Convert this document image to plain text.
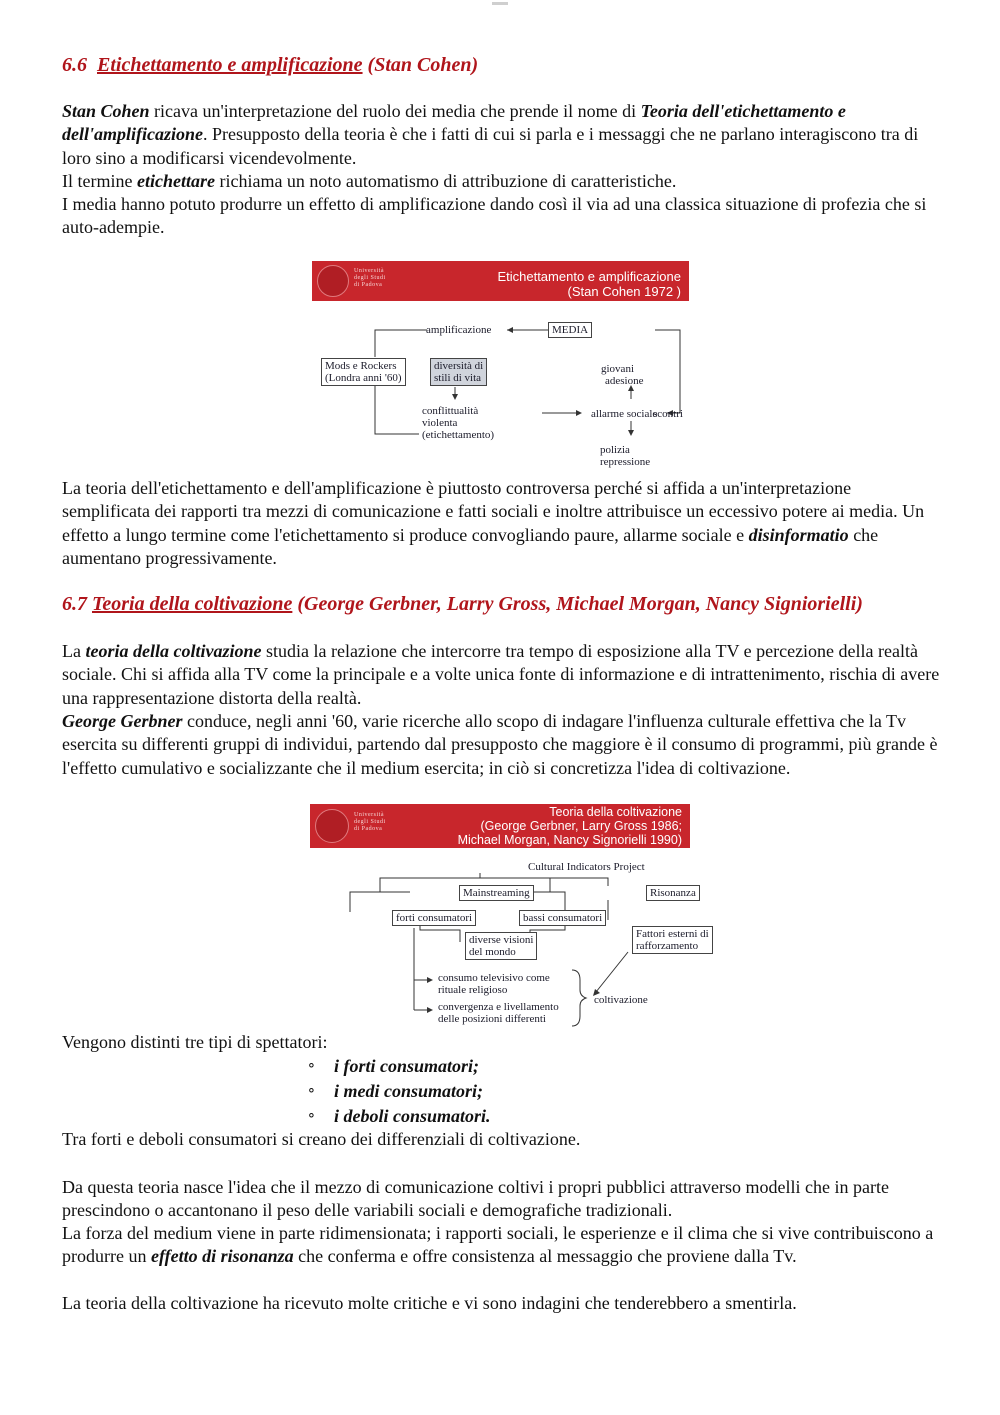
6.6 Etichettamento e amplificazione (Stan Cohen)

Stan Cohen ricava un'interpretazione del ruolo dei media che prende il nome di Teoria dell'etichettamento e dell'amplificazione. Presupposto della teoria è che i fatti di cui si parla e i messaggi che ne parlano interagiscono tra di loro sino a modificarsi vicendevolmente.

Il termine etichettare richiama un noto automatismo di attribuzione di caratteristiche.

I media hanno potuto produrre un effetto di amplificazione dando così il via ad una classica situazione di profezia che si auto-adempie.

Università
degli Studi
di Padova
Etichettamento e amplificazione
(Stan Cohen 1972 )
amplificazione	MEDIA
Mods e Rockers
(Londra anni '60)
diversità di
stili di vita
giovani
adesione
conflittualità
violenta
(etichettamento)
allarme sociale
scontri
polizia
repressione

La teoria dell'etichettamento e dell'amplificazione è piuttosto controversa perché si affida a un'interpretazione semplificata dei rapporti tra mezzi di comunicazione e fatti sociali e inoltre attribuisce un eccessivo potere ai media. Un effetto a lungo termine come l'etichettamento si produce convogliando paure, allarme sociale e disinformatio che aumentano progressivamente.

6.7 Teoria della coltivazione (George Gerbner, Larry Gross, Michael Morgan, Nancy Signiorielli)

La teoria della coltivazione studia la relazione che intercorre tra tempo di esposizione alla TV e percezione della realtà sociale. Chi si affida alla TV come la principale e a volte unica fonte di informazione e di intrattenimento, rischia di avere una rappresentazione distorta della realtà.

George Gerbner conduce, negli anni '60, varie ricerche allo scopo di indagare l'influenza culturale effettiva che la Tv esercita su differenti gruppi di individui, partendo dal presupposto che maggiore è il consumo di programmi, più grande è l'effetto cumulativo e socializzante che il medium esercita; in ciò si concretizza l'idea di coltivazione.

Università
degli Studi
di Padova
Teoria della coltivazione
(George Gerbner, Larry Gross 1986;
Michael Morgan, Nancy Signorielli 1990)
Cultural Indicators Project
Mainstreaming	Risonanza
forti consumatori	bassi consumatori
diverse visioni
del mondo
Fattori esterni di
rafforzamento
consumo televisivo come
rituale religioso
convergenza e livellamento
delle posizioni differenti
coltivazione

Vengono distinti tre tipi di spettatori:

⚬ i forti consumatori;
⚬ i medi consumatori;
⚬ i deboli consumatori.

Tra forti e deboli consumatori si creano dei differenziali di coltivazione.

Da questa teoria nasce l'idea che il mezzo di comunicazione coltivi i propri pubblici attraverso modelli che in parte prescindono o accantonano il peso delle variabili sociali e demografiche tradizionali.

La forza del medium viene in parte ridimensionata; i rapporti sociali, le esperienze e il clima che si vive contribuiscono a produrre un effetto di risonanza che conferma e offre consistenza al messaggio che proviene dalla Tv.

La teoria della coltivazione ha ricevuto molte critiche e vi sono indagini che tenderebbero a smentirla.
